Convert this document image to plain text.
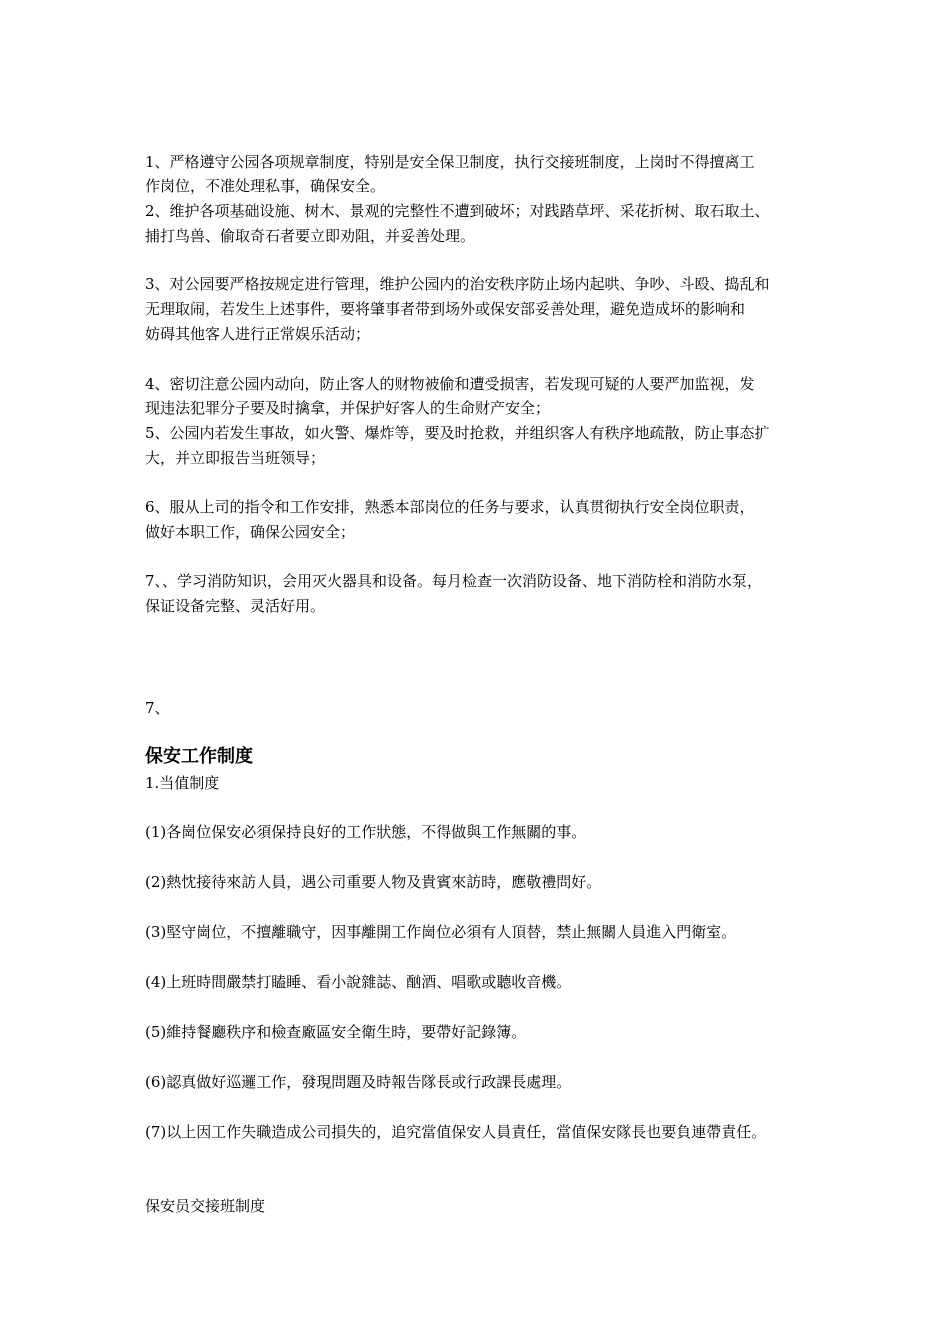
1、严格遵守公园各项规章制度，特别是安全保卫制度，执行交接班制度，上岗时不得擅离工
作岗位，不准处理私事，确保安全。
2、维护各项基础设施、树木、景观的完整性不遭到破坏；对践踏草坪、采花折树、取石取土、
捕打鸟兽、偷取奇石者要立即劝阻，并妥善处理。
3、对公园要严格按规定进行管理，维护公园内的治安秩序防止场内起哄、争吵、斗殴、捣乱和
无理取闹，若发生上述事件，要将肇事者带到场外或保安部妥善处理，避免造成坏的影响和
妨碍其他客人进行正常娱乐活动；
4、密切注意公园内动向，防止客人的财物被偷和遭受损害，若发现可疑的人要严加监视，发
现违法犯罪分子要及时擒拿，并保护好客人的生命财产安全；
5、公园内若发生事故，如火警、爆炸等，要及时抢救，并组织客人有秩序地疏散，防止事态扩
大，并立即报告当班领导；
6、服从上司的指令和工作安排，熟悉本部岗位的任务与要求，认真贯彻执行安全岗位职责，
做好本职工作，确保公园安全；
7、、学习消防知识，会用灭火器具和设备。每月检查一次消防设备、地下消防栓和消防水泵，
保证设备完整、灵活好用。
7、
保安工作制度
1.当值制度
(1)各崗位保安必須保持良好的工作狀態，不得做與工作無關的事。
(2)熱忱接待來訪人員，遇公司重要人物及貴賓來訪時，應敬禮問好。
(3)堅守崗位，不擅離職守，因事離開工作崗位必須有人頂替，禁止無關人員進入門衛室。
(4)上班時間嚴禁打瞌睡、看小說雜誌、酗酒、唱歌或聽收音機。
(5)維持餐廳秩序和檢查廠區安全衛生時，要帶好記錄簿。
(6)認真做好巡邏工作，發現問題及時報告隊長或行政課長處理。
(7)以上因工作失職造成公司損失的，追究當值保安人員責任，當值保安隊長也要負連帶責任。
保安员交接班制度
